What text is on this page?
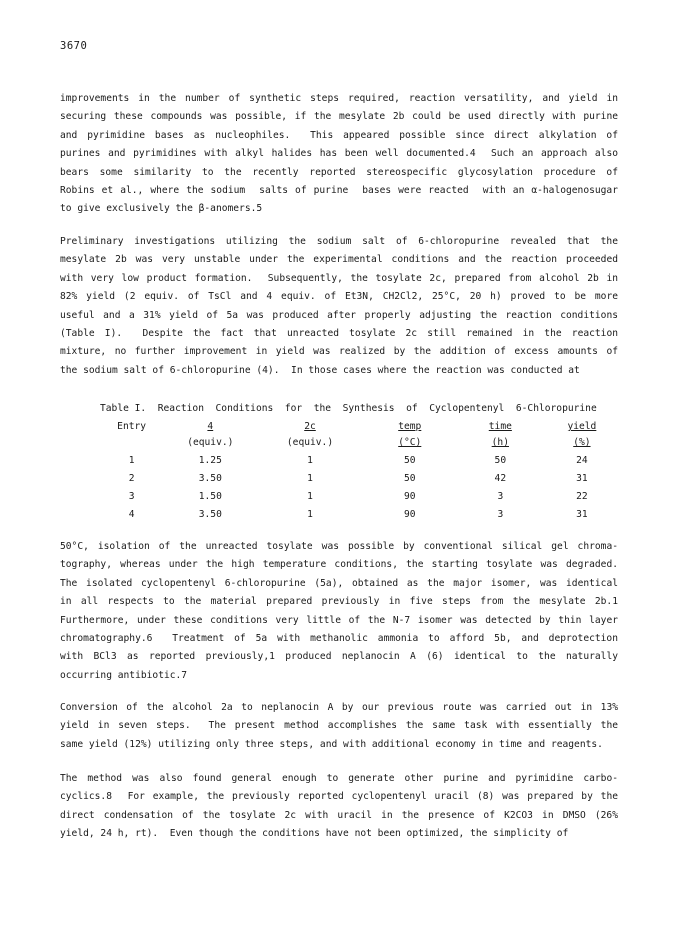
3670
improvements in the number of synthetic steps required, reaction versatility, and yield in
securing these compounds was possible, if the mesylate 2b could be used directly with purine
and pyrimidine bases as nucleophiles.  This appeared possible since direct alkylation of
purines and pyrimidines with alkyl halides has been well documented.4  Such an approach also
bears some similarity to the recently reported stereospecific glycosylation procedure of
Robins et al., where the sodium  salts of purine  bases were reacted  with an α-halogenosugar
to give exclusively the β-anomers.5
Preliminary investigations utilizing the sodium salt of 6-chloropurine revealed that the
mesylate 2b was very unstable under the experimental conditions and the reaction proceeded
with very low product formation.  Subsequently, the tosylate 2c, prepared from alcohol 2b in
82% yield (2 equiv. of TsCl and 4 equiv. of Et3N, CH2Cl2, 25°C, 20 h) proved to be more
useful and a 31% yield of 5a was produced after properly adjusting the reaction conditions
(Table I).  Despite the fact that unreacted tosylate 2c still remained in the reaction
mixture, no further improvement in yield was realized by the addition of excess amounts of
the sodium salt of 6-chloropurine (4).  In those cases where the reaction was conducted at
50°C, isolation of the unreacted tosylate was possible by conventional silical gel chroma-
tography, whereas under the high temperature conditions, the starting tosylate was degraded.
The isolated cyclopentenyl 6-chloropurine (5a), obtained as the major isomer, was identical
in all respects to the material prepared previously in five steps from the mesylate 2b.1
Furthermore, under these conditions very little of the N-7 isomer was detected by thin layer
chromatography.6  Treatment of 5a with methanolic ammonia to afford 5b, and deprotection
with BCl3 as reported previously,1 produced neplanocin A (6) identical to the naturally
occurring antibiotic.7
Conversion of the alcohol 2a to neplanocin A by our previous route was carried out in 13%
yield in seven steps.  The present method accomplishes the same task with essentially the
same yield (12%) utilizing only three steps, and with additional economy in time and reagents.
The method was also found general enough to generate other purine and pyrimidine carbo-
cyclics.8  For example, the previously reported cyclopentenyl uracil (8) was prepared by the
direct condensation of the tosylate 2c with uracil in the presence of K2CO3 in DMSO (26%
yield, 24 h, rt).  Even though the conditions have not been optimized, the simplicity of
Table I.  Reaction  Conditions  for  the  Synthesis  of  Cyclopentenyl  6-Chloropurine
Entry	4	2c	temp	time	yield
	(equiv.)	(equiv.)	(°C)	(h)	(%)
1	1.25	1	50	50	24
2	3.50	1	50	42	31
3	1.50	1	90	3	22
4	3.50	1	90	3	31
